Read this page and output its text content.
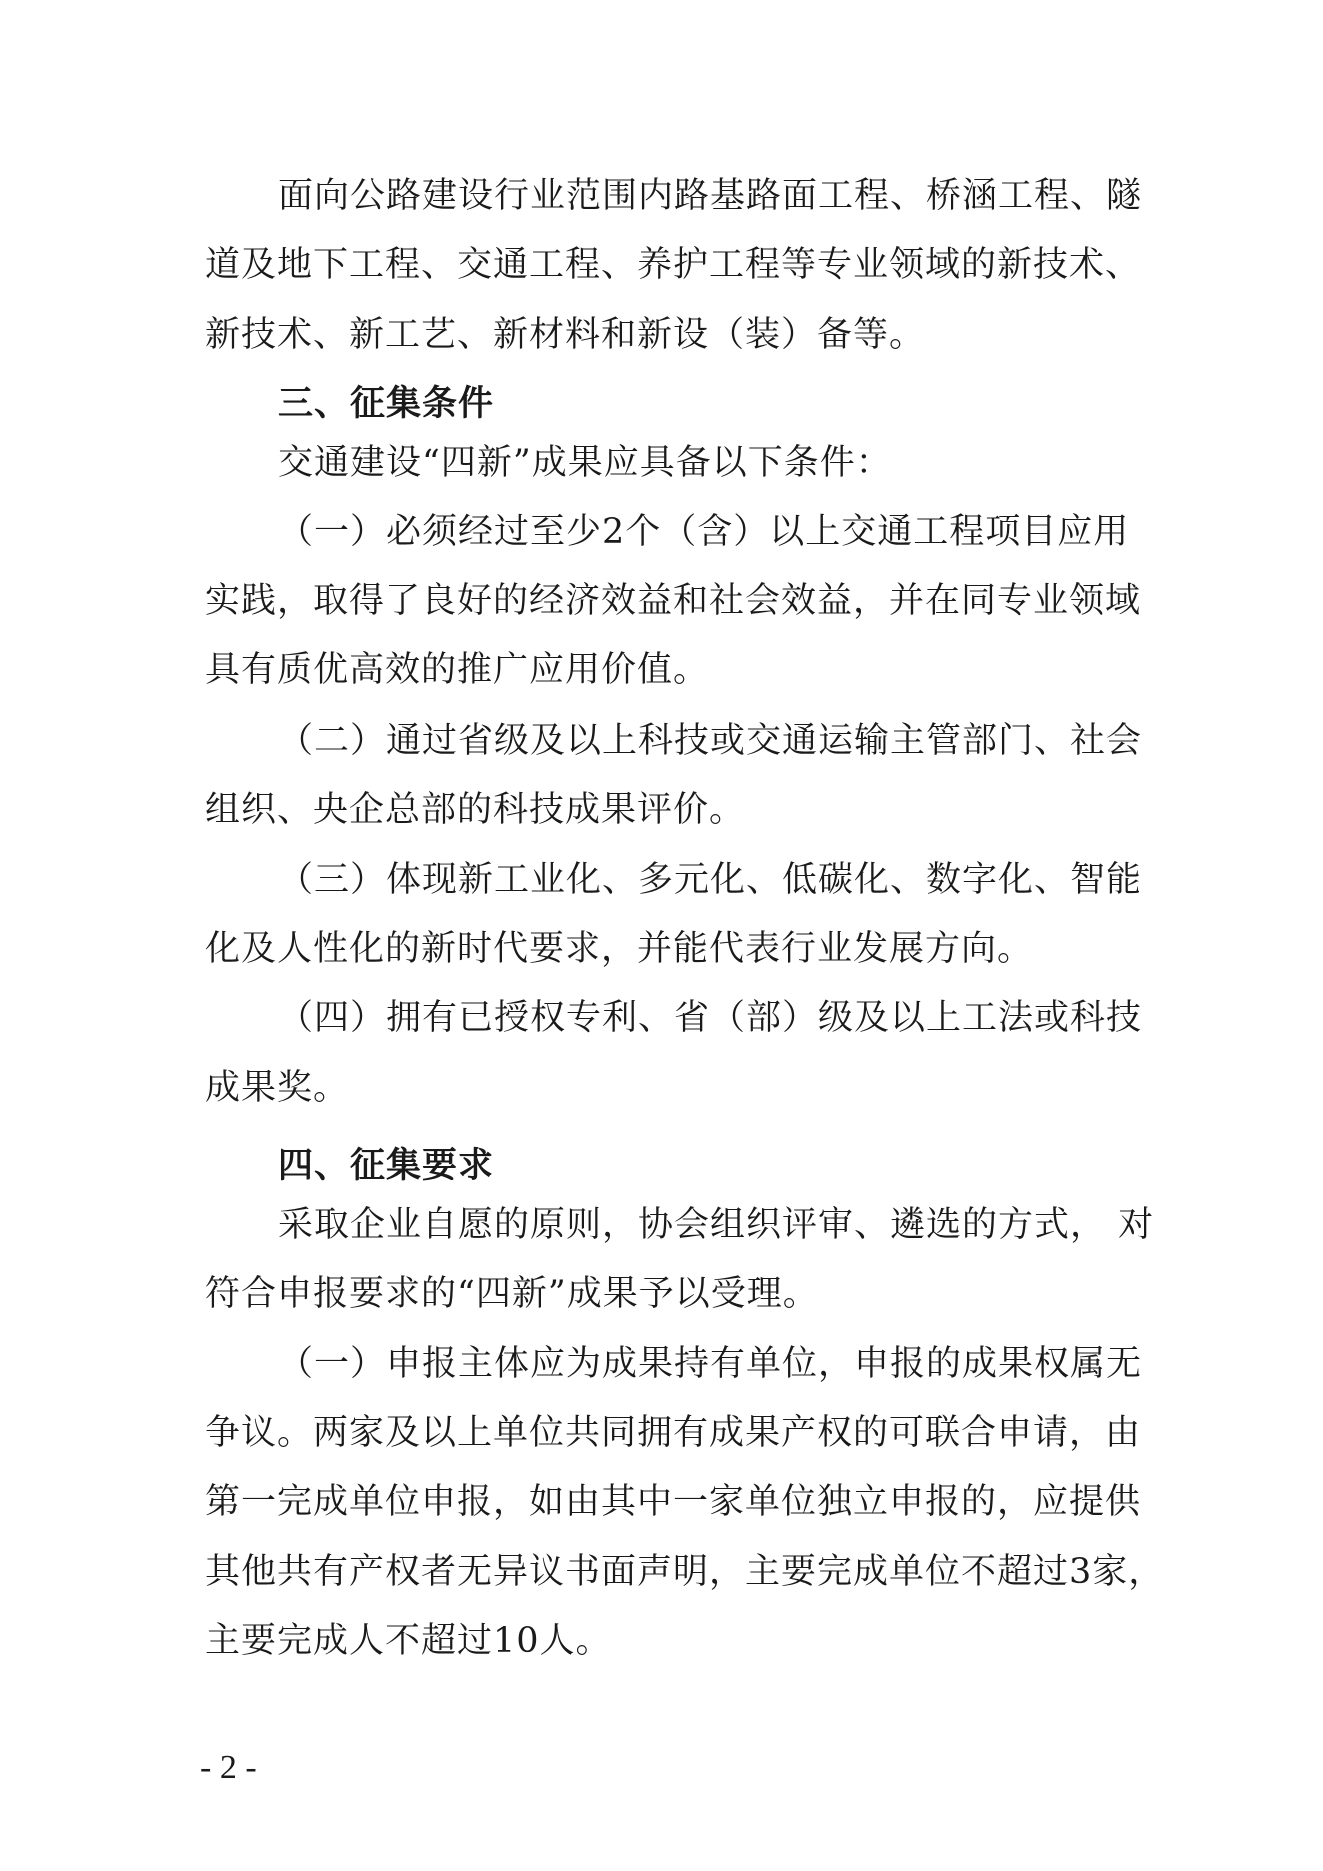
面向公路建设行业范围内路基路面工程、桥涵工程、隧
道及地下工程、交通工程、养护工程等专业领域的新技术、
新技术、新工艺、新材料和新设（装）备等。
三、征集条件
交通建设“四新”成果应具备以下条件：
（一）必须经过至少2个（含）以上交通工程项目应用
实践，取得了良好的经济效益和社会效益，并在同专业领域
具有质优高效的推广应用价值。
（二）通过省级及以上科技或交通运输主管部门、社会
组织、央企总部的科技成果评价。
（三）体现新工业化、多元化、低碳化、数字化、智能
化及人性化的新时代要求，并能代表行业发展方向。
（四）拥有已授权专利、省（部）级及以上工法或科技
成果奖。
四、征集要求
采取企业自愿的原则，协会组织评审、遴选的方式， 对
符合申报要求的“四新”成果予以受理。
（一）申报主体应为成果持有单位，申报的成果权属无
争议。两家及以上单位共同拥有成果产权的可联合申请，由
第一完成单位申报，如由其中一家单位独立申报的，应提供
其他共有产权者无异议书面声明，主要完成单位不超过3家，
主要完成人不超过10人。
- 2 -
